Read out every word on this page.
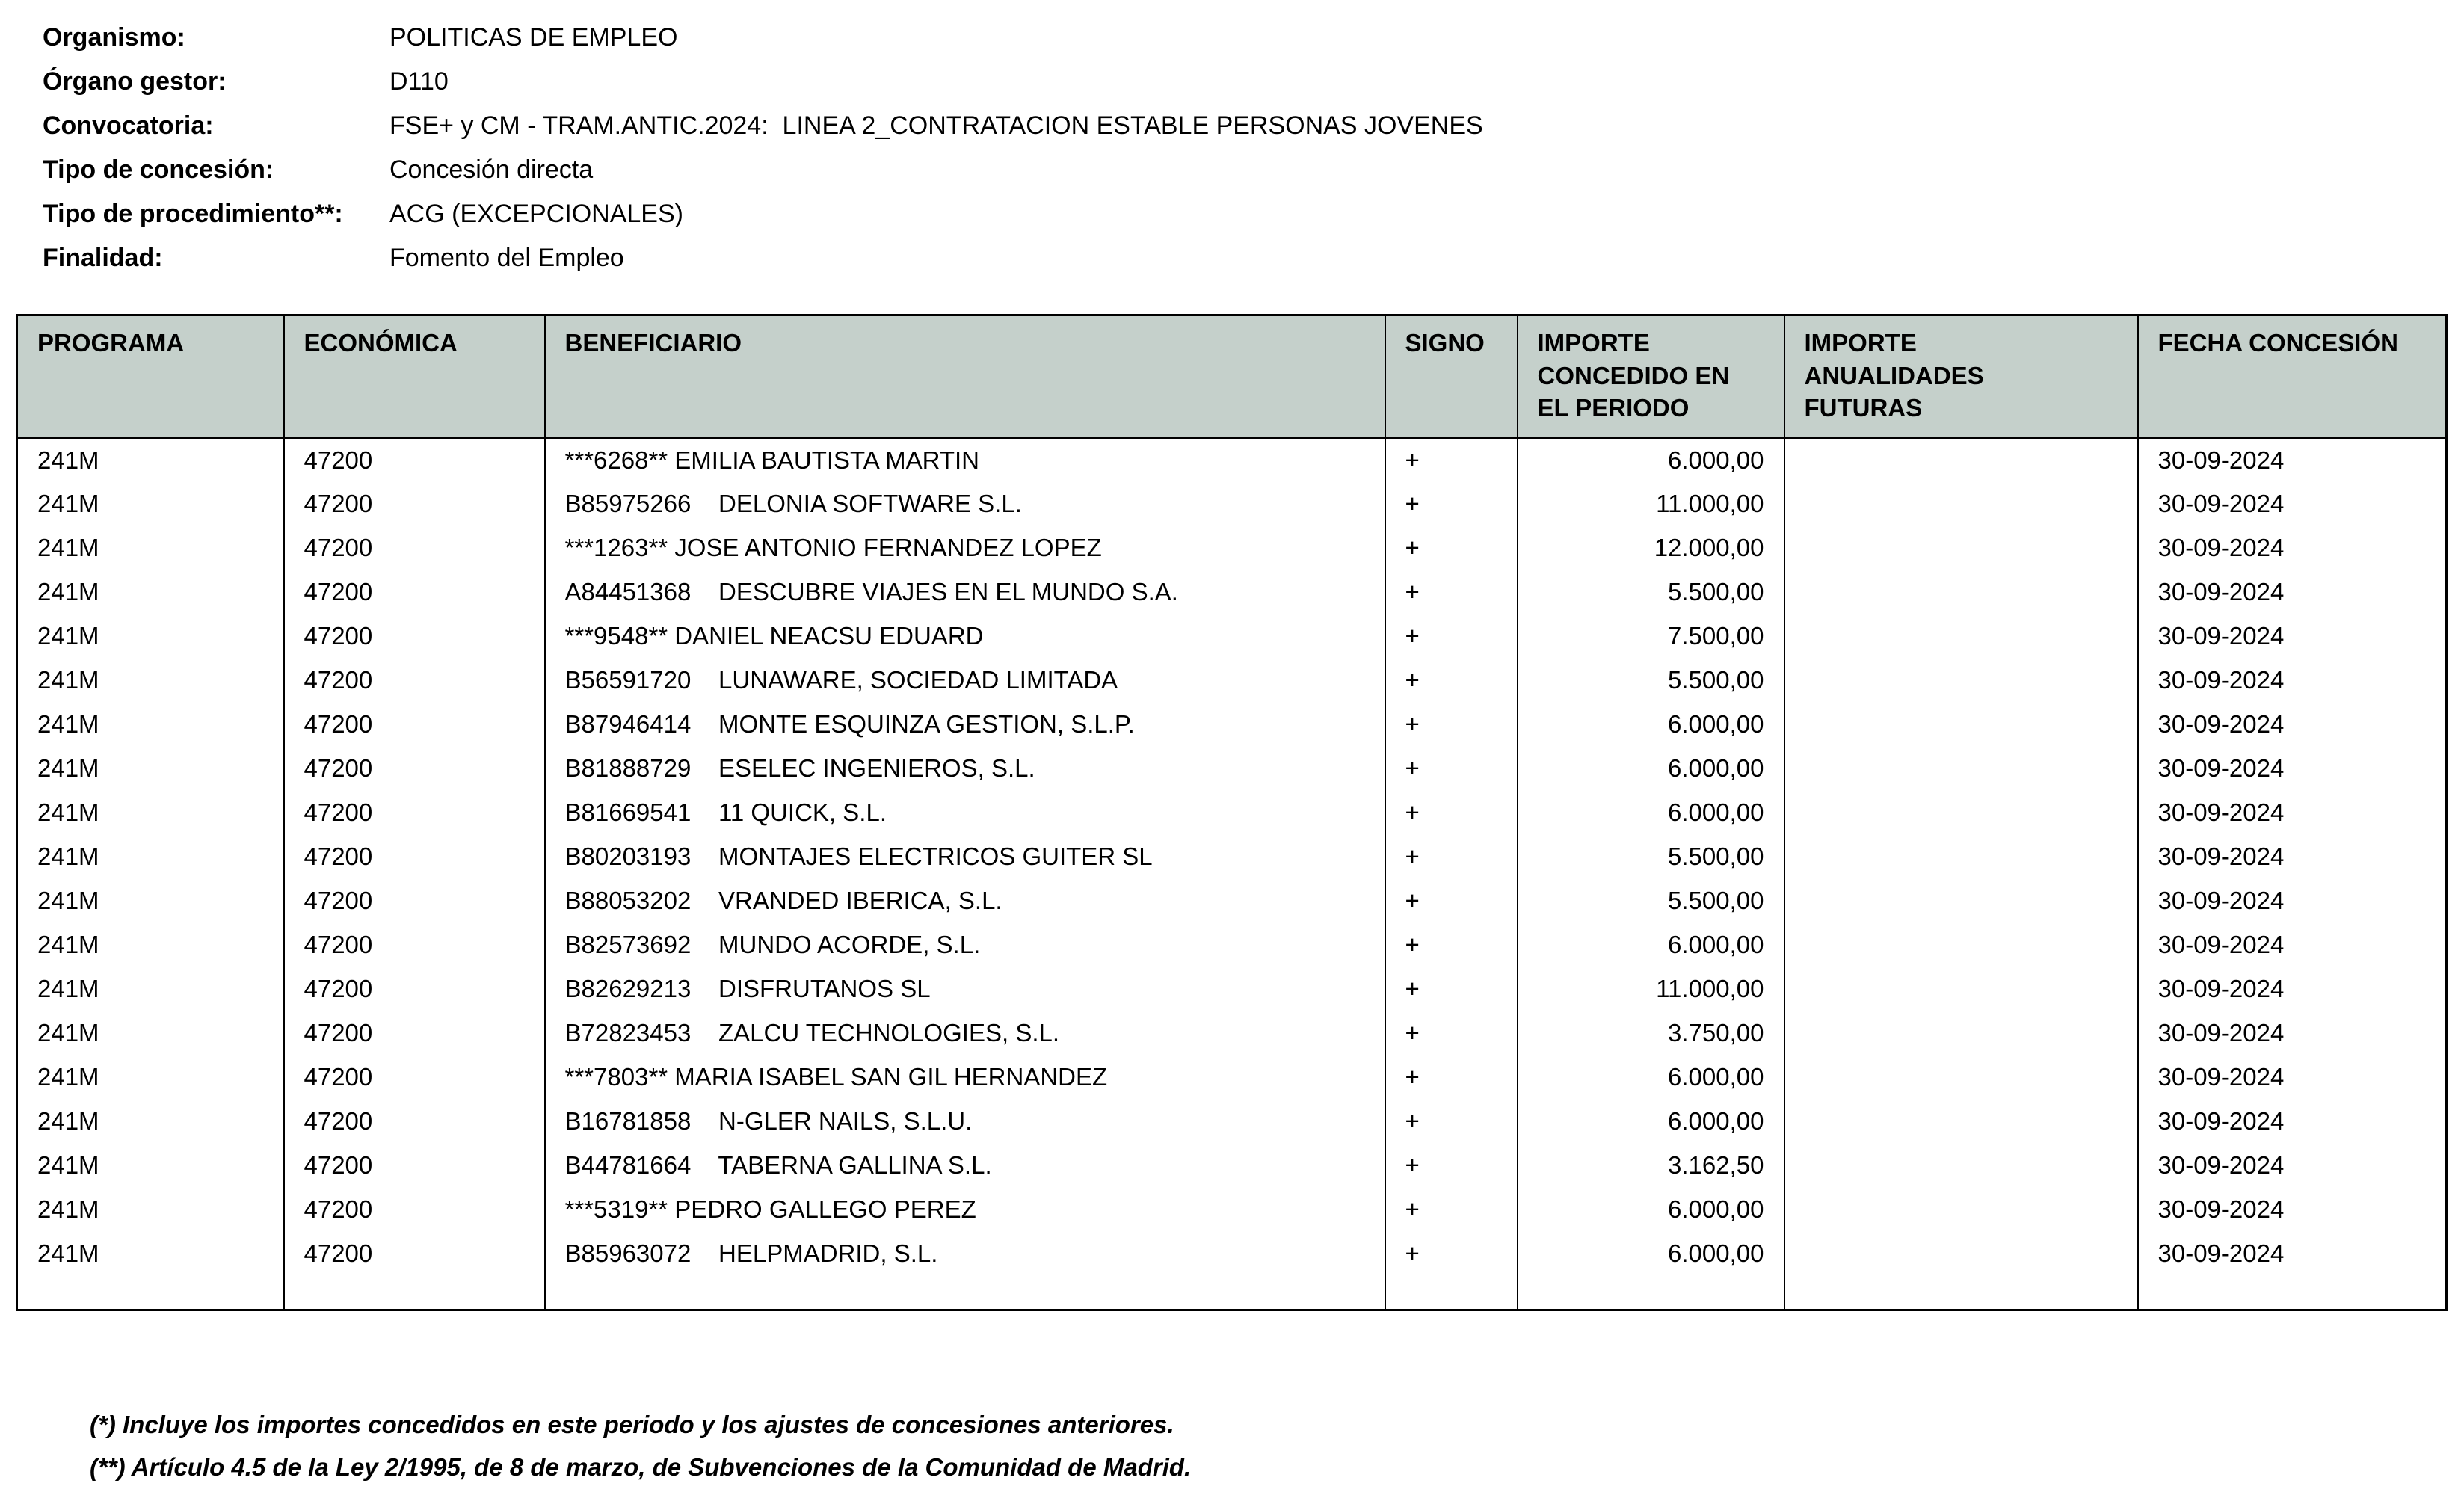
Organismo:	POLITICAS DE EMPLEO
Órgano gestor:	D110
Convocatoria:	FSE+ y CM - TRAM.ANTIC.2024:  LINEA 2_CONTRATACION ESTABLE PERSONAS JOVENES
Tipo de concesión:	Concesión directa
Tipo de procedimiento**:	ACG (EXCEPCIONALES)
Finalidad:	Fomento del Empleo
PROGRAMA	ECONÓMICA	BENEFICIARIO	SIGNO	IMPORTE CONCEDIDO EN EL PERIODO	IMPORTE ANUALIDADES FUTURAS	FECHA CONCESIÓN
241M	47200	***6268** EMILIA BAUTISTA MARTIN	+	6.000,00		30-09-2024
241M	47200	B85975266    DELONIA SOFTWARE S.L.	+	11.000,00		30-09-2024
241M	47200	***1263** JOSE ANTONIO FERNANDEZ LOPEZ	+	12.000,00		30-09-2024
241M	47200	A84451368    DESCUBRE VIAJES EN EL MUNDO S.A.	+	5.500,00		30-09-2024
241M	47200	***9548** DANIEL NEACSU EDUARD	+	7.500,00		30-09-2024
241M	47200	B56591720    LUNAWARE, SOCIEDAD LIMITADA	+	5.500,00		30-09-2024
241M	47200	B87946414    MONTE ESQUINZA GESTION, S.L.P.	+	6.000,00		30-09-2024
241M	47200	B81888729    ESELEC INGENIEROS, S.L.	+	6.000,00		30-09-2024
241M	47200	B81669541    11 QUICK, S.L.	+	6.000,00		30-09-2024
241M	47200	B80203193    MONTAJES ELECTRICOS GUITER SL	+	5.500,00		30-09-2024
241M	47200	B88053202    VRANDED IBERICA, S.L.	+	5.500,00		30-09-2024
241M	47200	B82573692    MUNDO ACORDE, S.L.	+	6.000,00		30-09-2024
241M	47200	B82629213    DISFRUTANOS SL	+	11.000,00		30-09-2024
241M	47200	B72823453    ZALCU TECHNOLOGIES, S.L.	+	3.750,00		30-09-2024
241M	47200	***7803** MARIA ISABEL SAN GIL HERNANDEZ	+	6.000,00		30-09-2024
241M	47200	B16781858    N-GLER NAILS, S.L.U.	+	6.000,00		30-09-2024
241M	47200	B44781664    TABERNA GALLINA S.L.	+	3.162,50		30-09-2024
241M	47200	***5319** PEDRO GALLEGO PEREZ	+	6.000,00		30-09-2024
241M	47200	B85963072    HELPMADRID, S.L.	+	6.000,00		30-09-2024

(*) Incluye los importes concedidos en este periodo y los ajustes de concesiones anteriores.
(**) Artículo 4.5 de la Ley 2/1995, de 8 de marzo, de Subvenciones de la Comunidad de Madrid.
